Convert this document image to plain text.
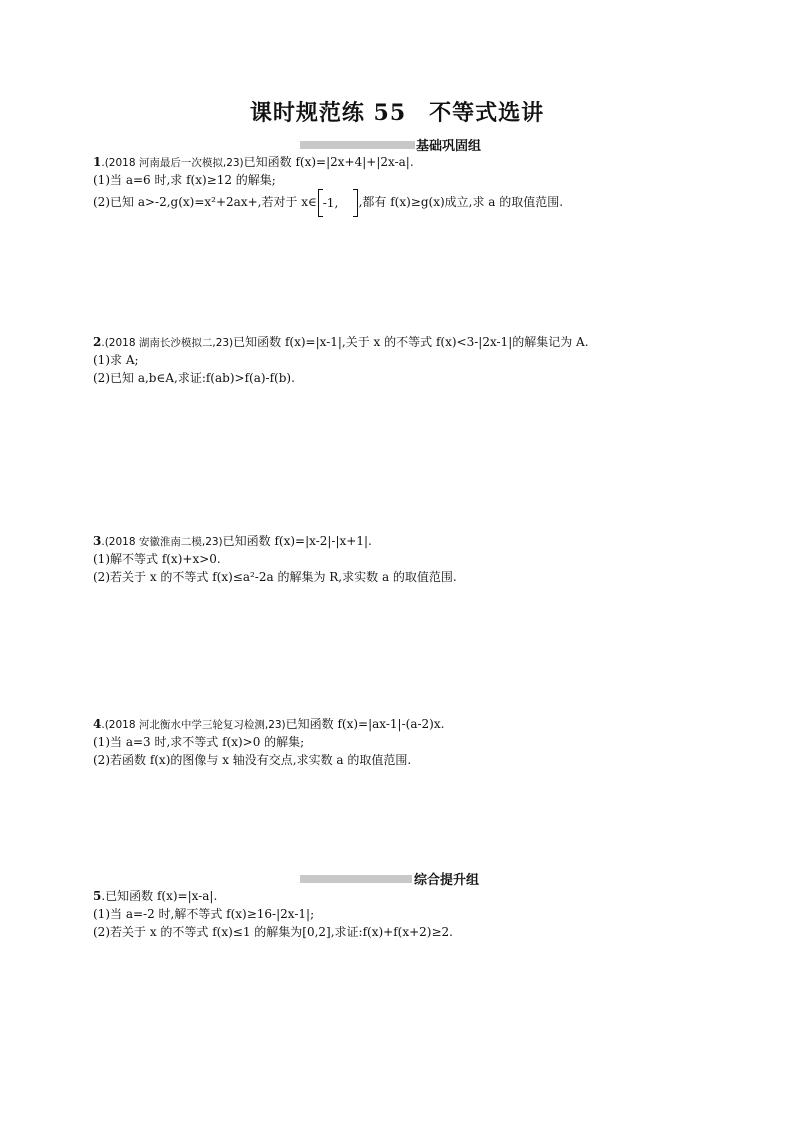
课时规范练 55　不等式选讲
基础巩固组
1.(2018 河南最后一次模拟,23)已知函数 f(x)=|2x+4|+|2x-a|.
(1)当 a=6 时,求 f(x)≥12 的解集;
(2)已知 a>-2,g(x)=x²+2ax+,若对于 x∈ -1, ,都有 f(x)≥g(x)成立,求 a 的取值范围.
2.(2018 湖南长沙模拟二,23)已知函数 f(x)=|x-1|,关于 x 的不等式 f(x)<3-|2x-1|的解集记为 A.
(1)求 A;
(2)已知 a,b∈A,求证:f(ab)>f(a)-f(b).
3.(2018 安徽淮南二模,23)已知函数 f(x)=|x-2|-|x+1|.
(1)解不等式 f(x)+x>0.
(2)若关于 x 的不等式 f(x)≤a²-2a 的解集为 R,求实数 a 的取值范围.
4.(2018 河北衡水中学三轮复习检测,23)已知函数 f(x)=|ax-1|-(a-2)x.
(1)当 a=3 时,求不等式 f(x)>0 的解集;
(2)若函数 f(x)的图像与 x 轴没有交点,求实数 a 的取值范围.
综合提升组
5.已知函数 f(x)=|x-a|.
(1)当 a=-2 时,解不等式 f(x)≥16-|2x-1|;
(2)若关于 x 的不等式 f(x)≤1 的解集为[0,2],求证:f(x)+f(x+2)≥2.
